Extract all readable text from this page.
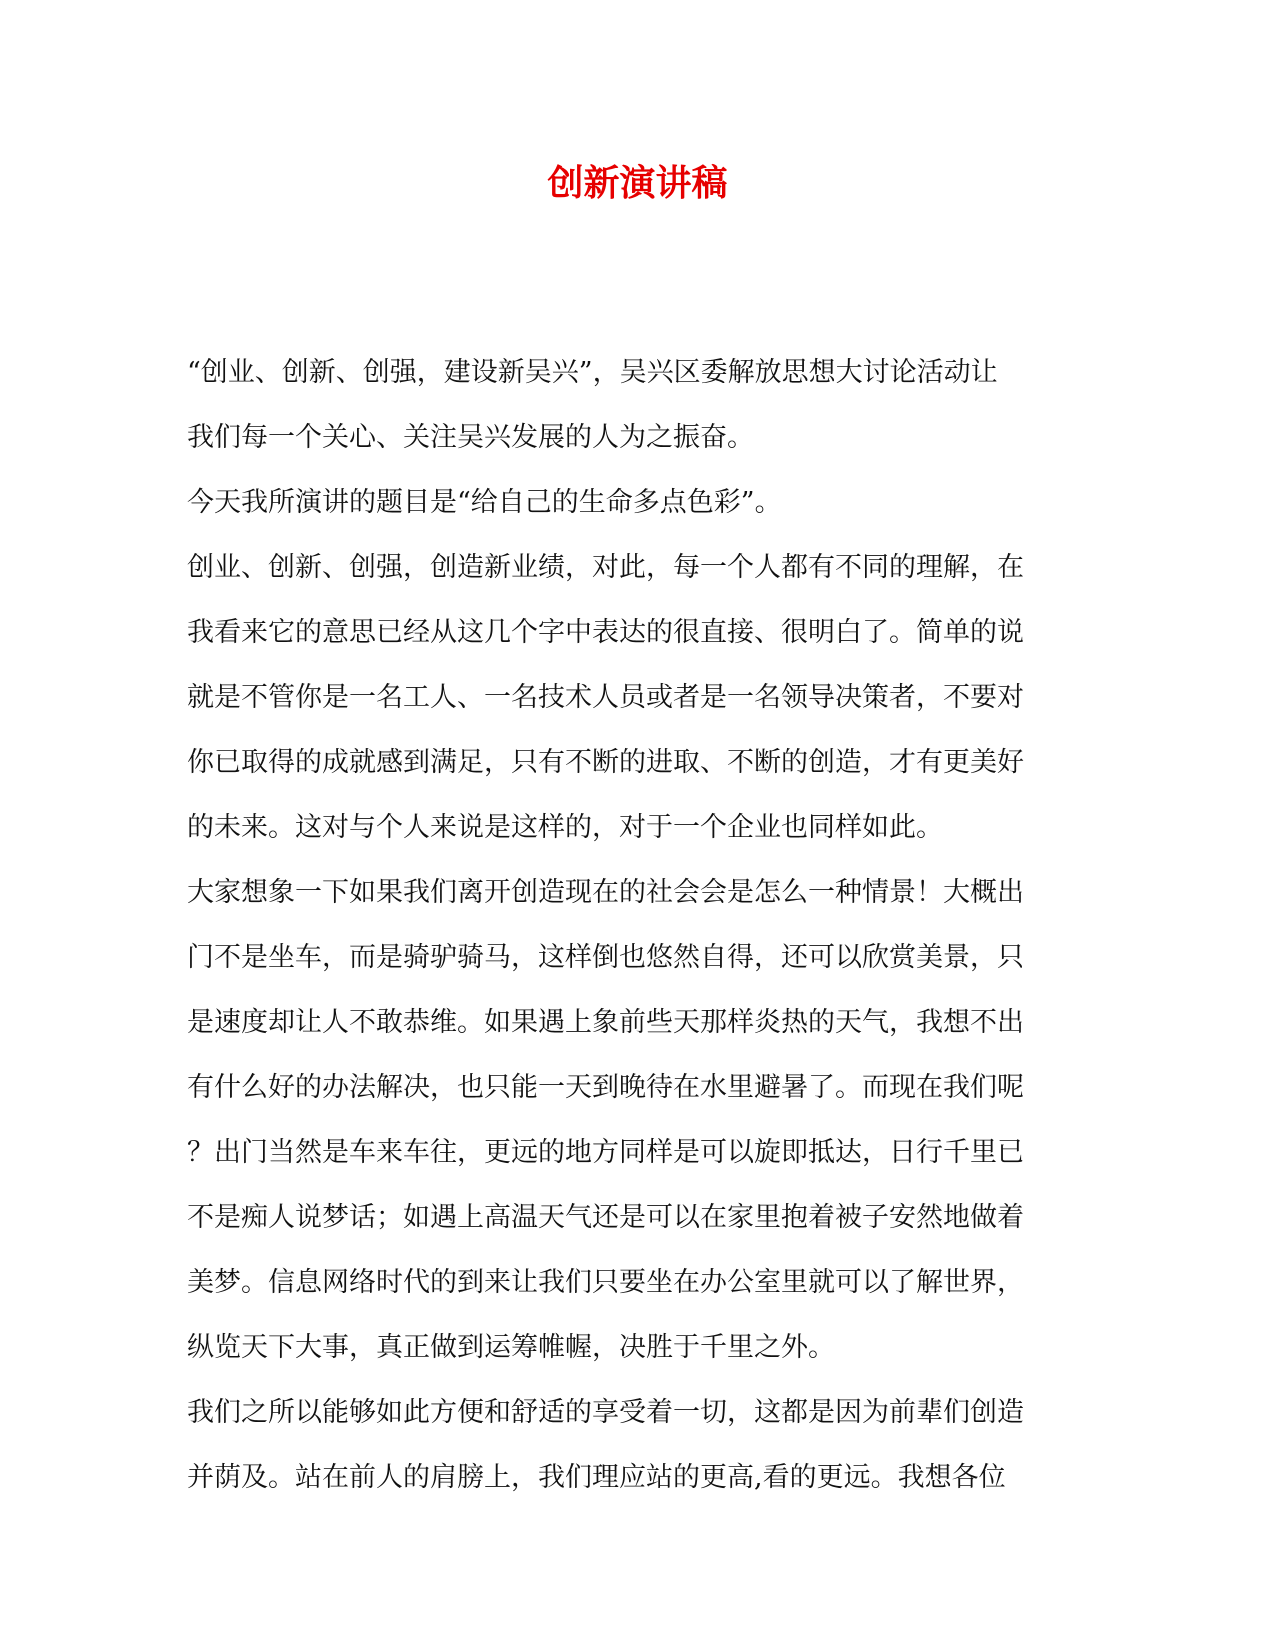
创新演讲稿
“创业、创新、创强，建设新吴兴”，吴兴区委解放思想大讨论活动让
我们每一个关心、关注吴兴发展的人为之振奋。
今天我所演讲的题目是“给自己的生命多点色彩”。
创业、创新、创强，创造新业绩，对此，每一个人都有不同的理解，在
我看来它的意思已经从这几个字中表达的很直接、很明白了。简单的说
就是不管你是一名工人、一名技术人员或者是一名领导决策者，不要对
你已取得的成就感到满足，只有不断的进取、不断的创造，才有更美好
的未来。这对与个人来说是这样的，对于一个企业也同样如此。
大家想象一下如果我们离开创造现在的社会会是怎么一种情景！大概出
门不是坐车，而是骑驴骑马，这样倒也悠然自得，还可以欣赏美景，只
是速度却让人不敢恭维。如果遇上象前些天那样炎热的天气，我想不出
有什么好的办法解决，也只能一天到晚待在水里避暑了。而现在我们呢
？出门当然是车来车往，更远的地方同样是可以旋即抵达，日行千里已
不是痴人说梦话；如遇上高温天气还是可以在家里抱着被子安然地做着
美梦。信息网络时代的到来让我们只要坐在办公室里就可以了解世界，
纵览天下大事，真正做到运筹帷幄，决胜于千里之外。
我们之所以能够如此方便和舒适的享受着一切，这都是因为前辈们创造
并荫及。站在前人的肩膀上，我们理应站的更高,看的更远。我想各位
